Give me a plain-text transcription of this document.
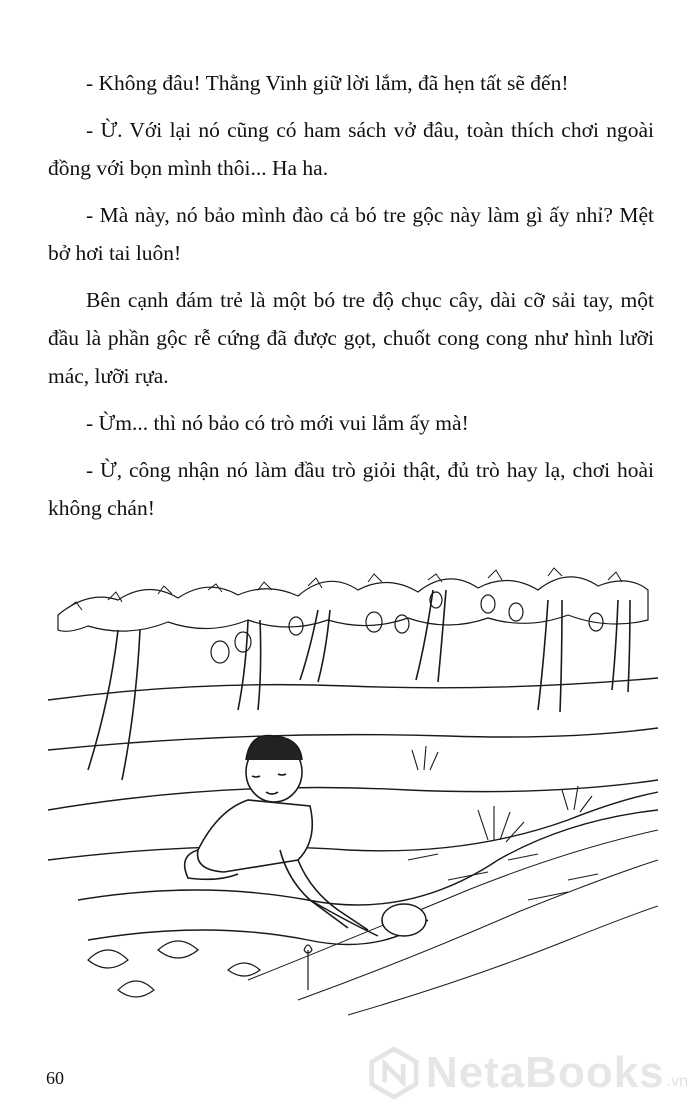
- Không đâu! Thằng Vinh giữ lời lắm, đã hẹn tất sẽ đến!

- Ừ. Với lại nó cũng có ham sách vở đâu, toàn thích chơi ngoài đồng với bọn mình thôi... Ha ha.

- Mà này, nó bảo mình đào cả bó tre gộc này làm gì ấy nhỉ? Mệt bở hơi tai luôn!

Bên cạnh đám trẻ là một bó tre độ chục cây, dài cỡ sải tay, một đầu là phần gộc rễ cứng đã được gọt, chuốt cong cong như hình lưỡi mác, lưỡi rựa.

- Ừm... thì nó bảo có trò mới vui lắm ấy mà!

- Ừ, công nhận nó làm đầu trò giỏi thật, đủ trò hay lạ, chơi hoài không chán!

60	NetaBooks .vn
